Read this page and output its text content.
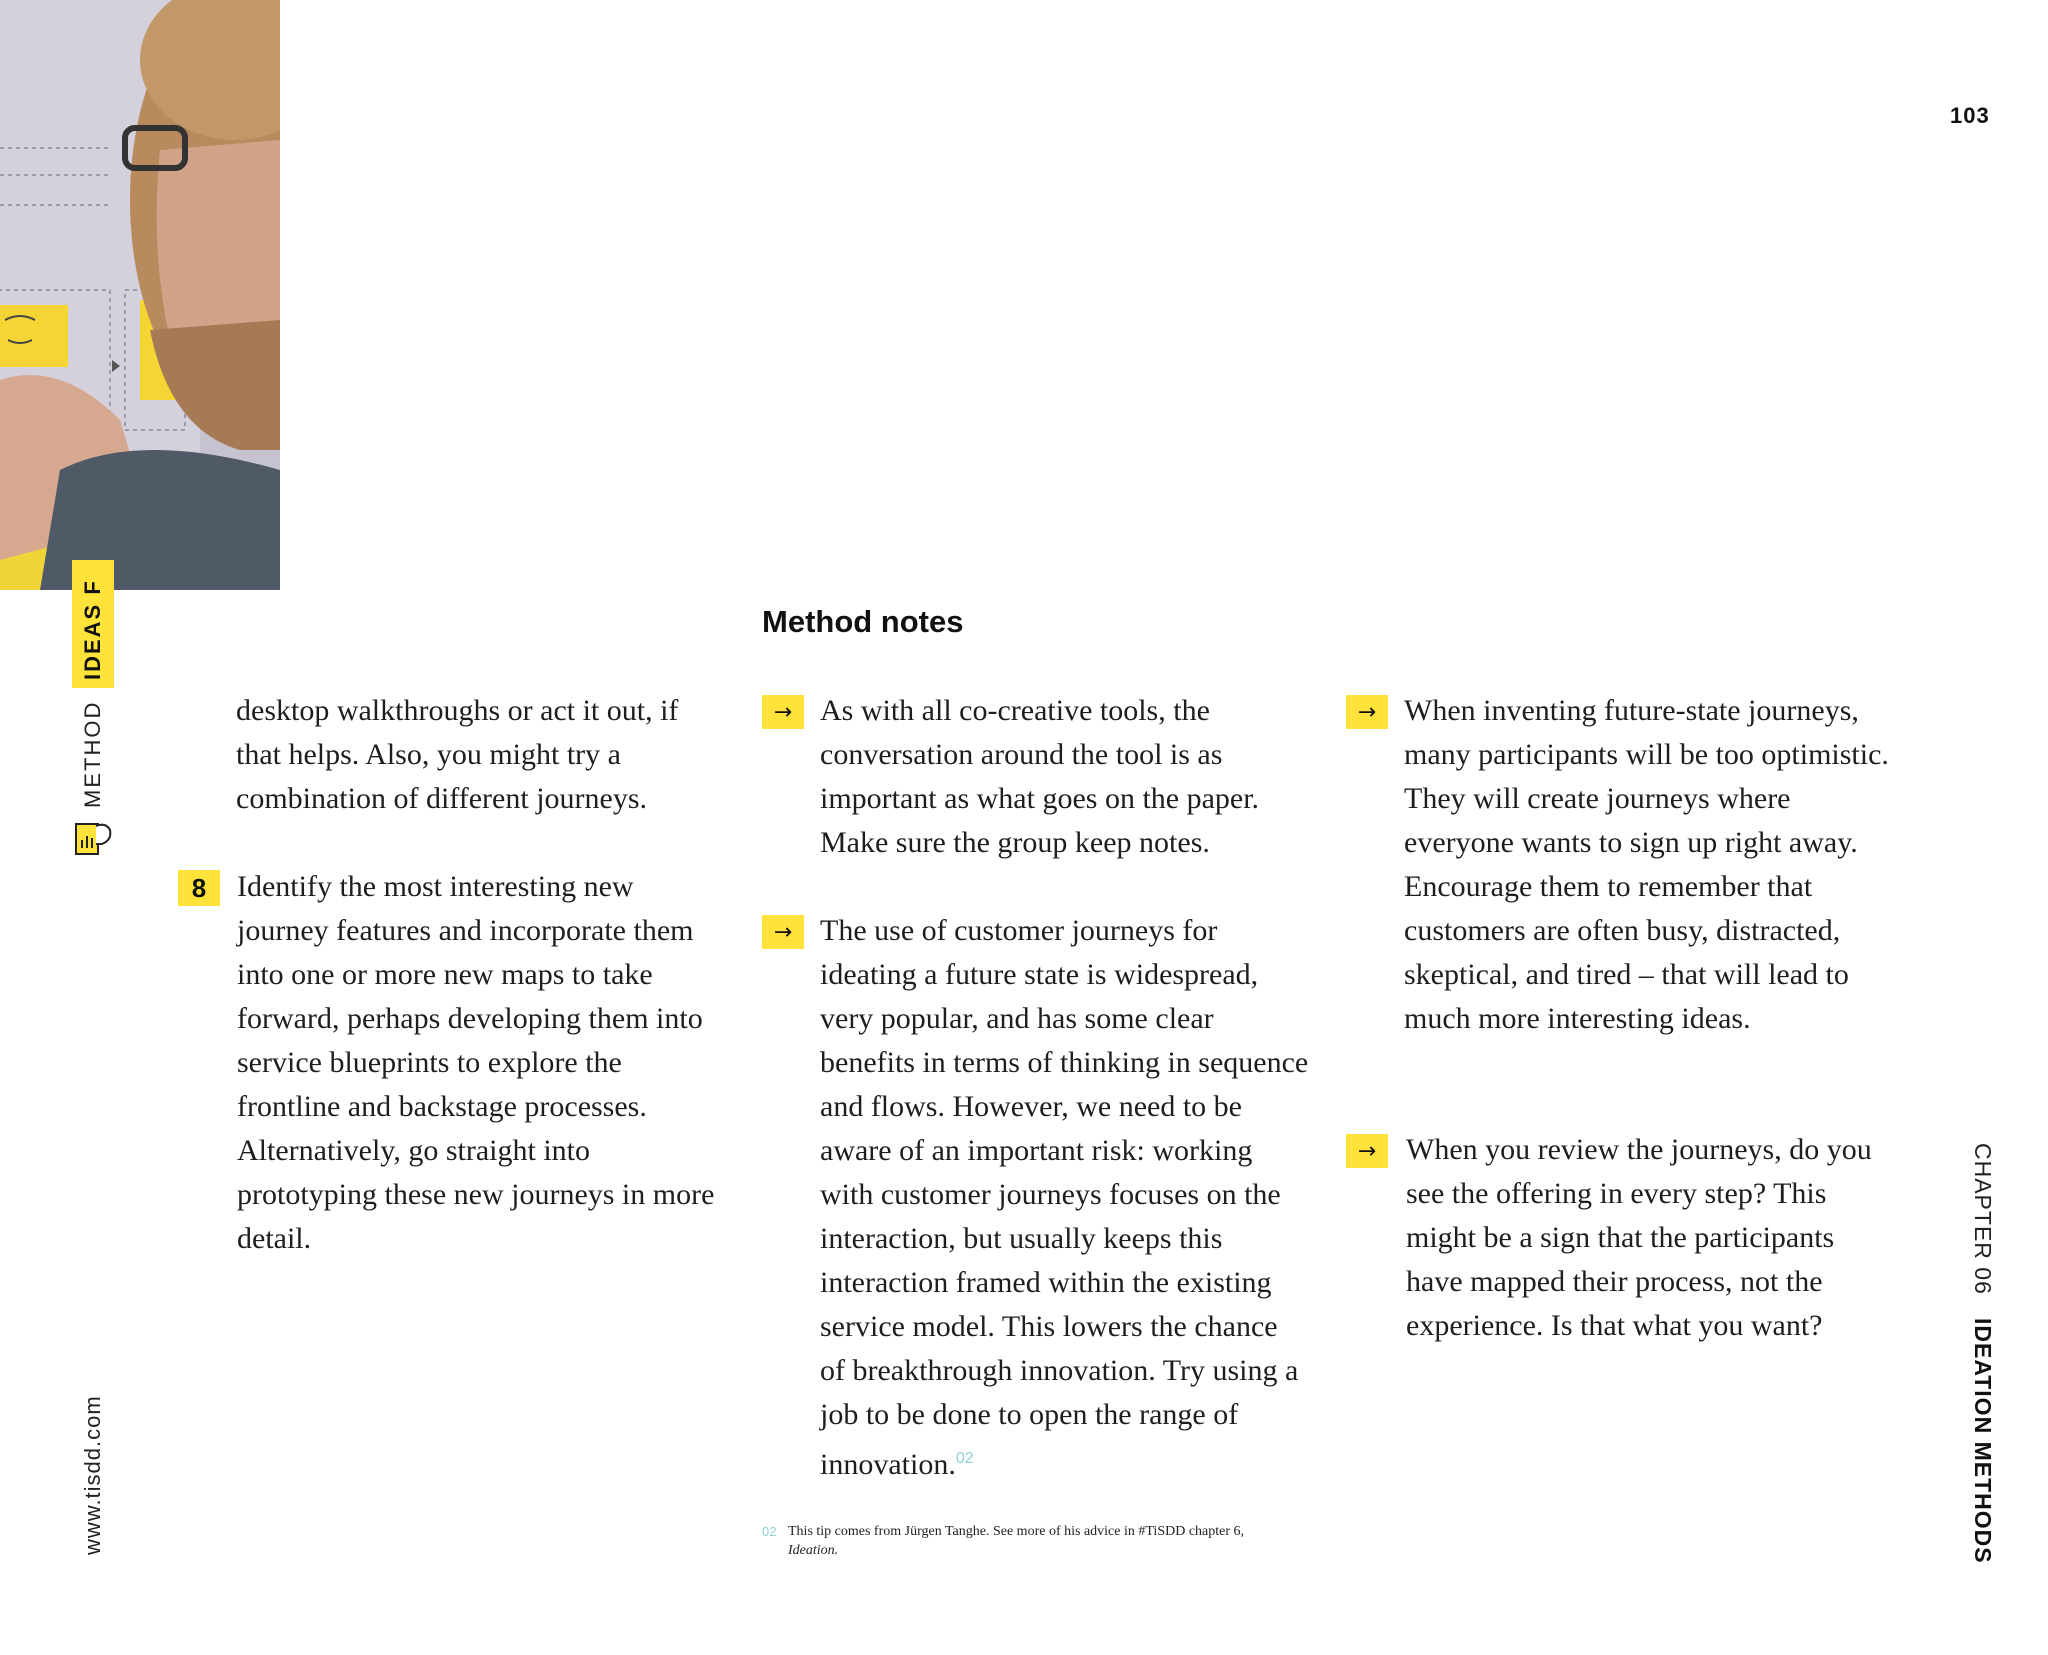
IDEAS F
METHOD
www.tisdd.com
103
CHAPTER 06
IDEATION METHODS

desktop walkthroughs or act it out, if that helps. Also, you might try a combination of different journeys.

8	Identify the most interesting new journey features and incorporate them into one or more new maps to take forward, perhaps developing them into service blueprints to explore the frontline and backstage processes. Alternatively, go straight into prototyping these new journeys in more detail.

Method notes
→ As with all co-creative tools, the conversation around the tool is as important as what goes on the paper. Make sure the group keep notes.

→ The use of customer journeys for ideating a future state is widespread, very popular, and has some clear benefits in terms of thinking in sequence and flows. However, we need to be aware of an important risk: working with customer journeys focuses on the interaction, but usually keeps this interaction framed within the existing service model. This lowers the chance of breakthrough innovation. Try using a job to be done to open the range of innovation.$^{02}$

→ When inventing future-state journeys, many participants will be too optimistic. They will create journeys where everyone wants to sign up right away. Encourage them to remember that customers are often busy, distracted, skeptical, and tired – that will lead to much more interesting ideas.

→ When you review the journeys, do you see the offering in every step? This might be a sign that the participants have mapped their process, not the experience. Is that what you want?

02 This tip comes from Jürgen Tanghe. See more of his advice in #TiSDD chapter 6, Ideation.
